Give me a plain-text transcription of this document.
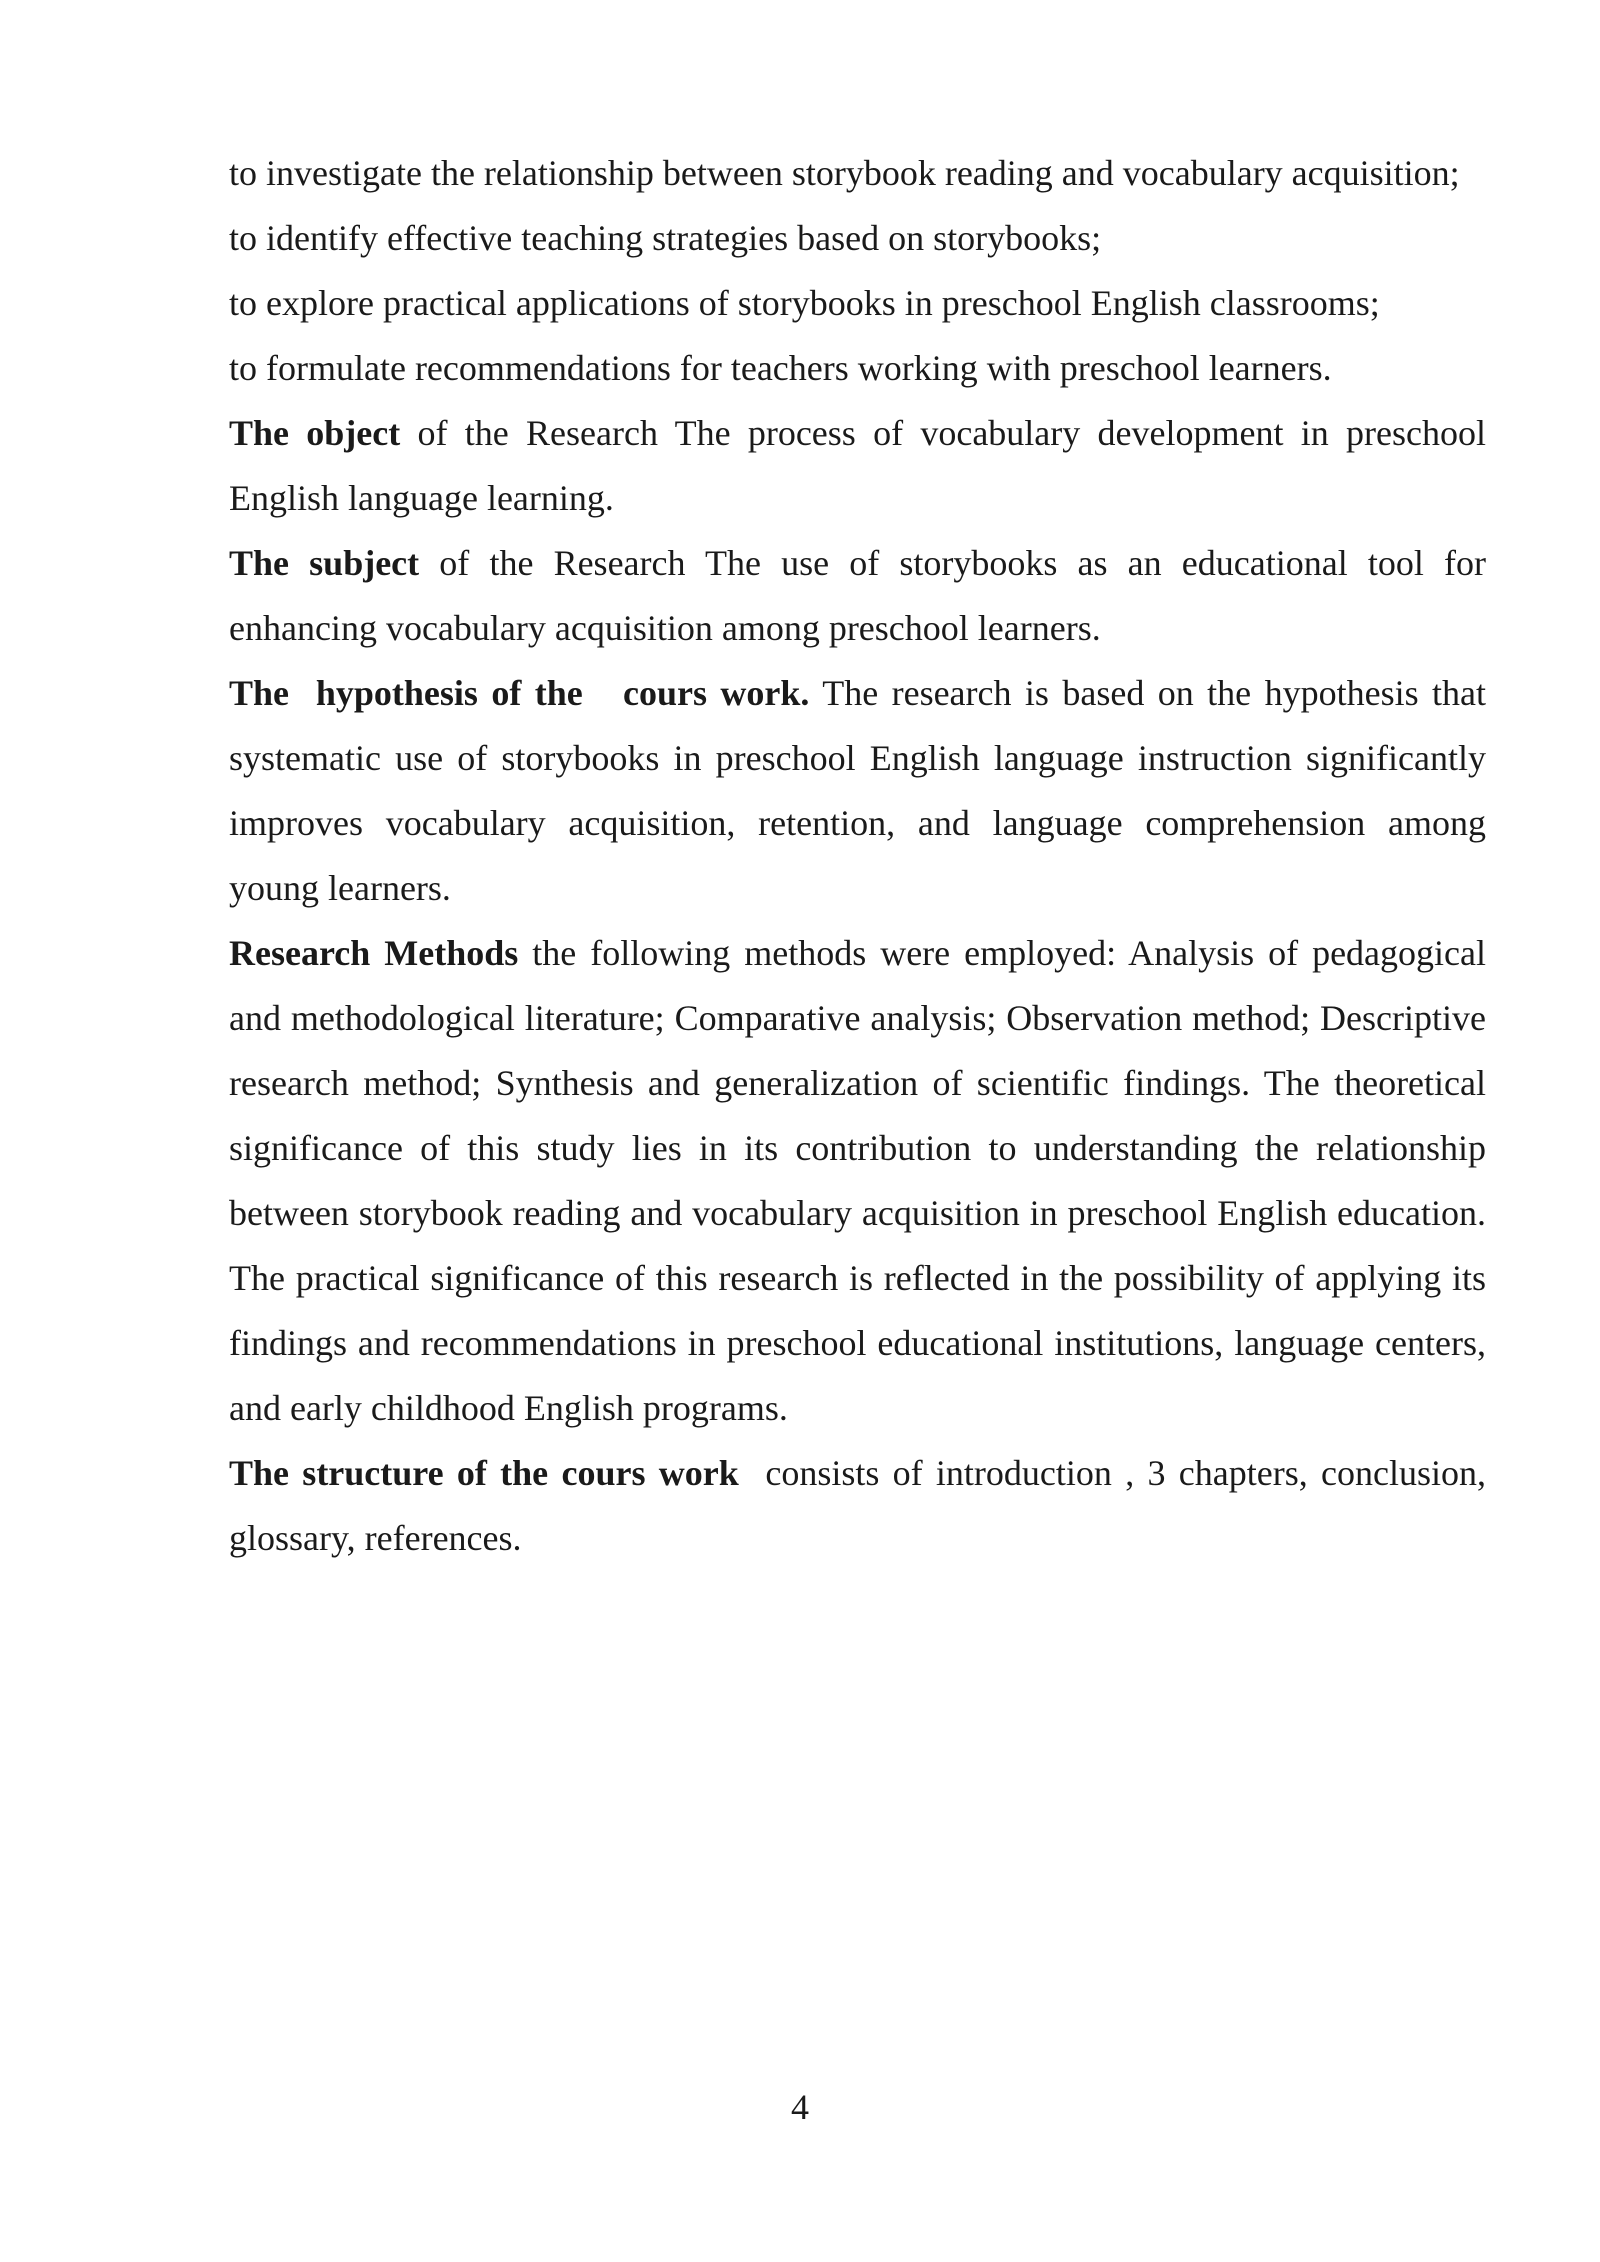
to investigate the relationship between storybook reading and vocabulary acquisition;

to identify effective teaching strategies based on storybooks;

to explore practical applications of storybooks in preschool English classrooms;

to formulate recommendations for teachers working with preschool learners.

The object of the Research The process of vocabulary development in preschool English language learning.

The subject of the Research The use of storybooks as an educational tool for enhancing vocabulary acquisition among preschool learners.

The  hypothesis of the   cours work. The research is based on the hypothesis that systematic use of storybooks in preschool English language instruction significantly improves vocabulary acquisition, retention, and language comprehension among young learners.

Research Methods the following methods were employed: Analysis of pedagogical and methodological literature; Comparative analysis; Observation method; Descriptive research method; Synthesis and generalization of scientific findings. The theoretical significance of this study lies in its contribution to understanding the relationship between storybook reading and vocabulary acquisition in preschool English education. The practical significance of this research is reflected in the possibility of applying its findings and recommendations in preschool educational institutions, language centers, and early childhood English programs.

The structure of the cours work  consists of introduction , 3 chapters, conclusion, glossary, references.

4
